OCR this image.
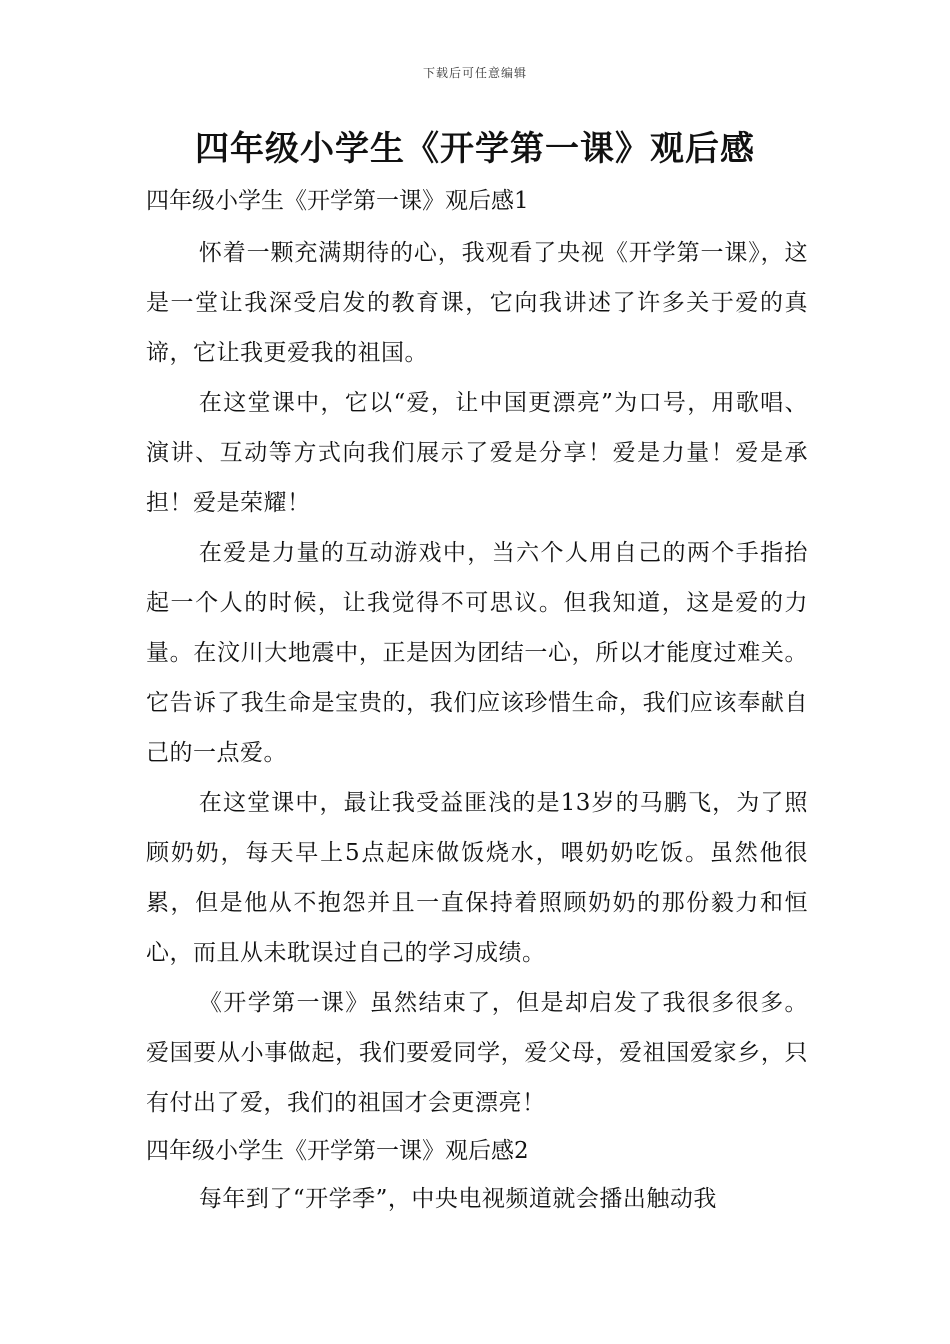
下载后可任意编辑
四年级小学生《开学第一课》观后感
四年级小学生《开学第一课》观后感1

怀着一颗充满期待的心，我观看了央视《开学第一课》，这是一堂让我深受启发的教育课，它向我讲述了许多关于爱的真谛，它让我更爱我的祖国。

在这堂课中，它以“爱，让中国更漂亮”为口号，用歌唱、演讲、互动等方式向我们展示了爱是分享！爱是力量！爱是承担！爱是荣耀！

在爱是力量的互动游戏中，当六个人用自己的两个手指抬起一个人的时候，让我觉得不可思议。但我知道，这是爱的力量。在汶川大地震中，正是因为团结一心，所以才能度过难关。它告诉了我生命是宝贵的，我们应该珍惜生命，我们应该奉献自己的一点爱。

在这堂课中，最让我受益匪浅的是13岁的马鹏飞，为了照顾奶奶，每天早上5点起床做饭烧水，喂奶奶吃饭。虽然他很累，但是他从不抱怨并且一直保持着照顾奶奶的那份毅力和恒心，而且从未耽误过自己的学习成绩。

《开学第一课》虽然结束了，但是却启发了我很多很多。爱国要从小事做起，我们要爱同学，爱父母，爱祖国爱家乡，只有付出了爱，我们的祖国才会更漂亮！

四年级小学生《开学第一课》观后感2

每年到了“开学季”，中央电视频道就会播出触动我
